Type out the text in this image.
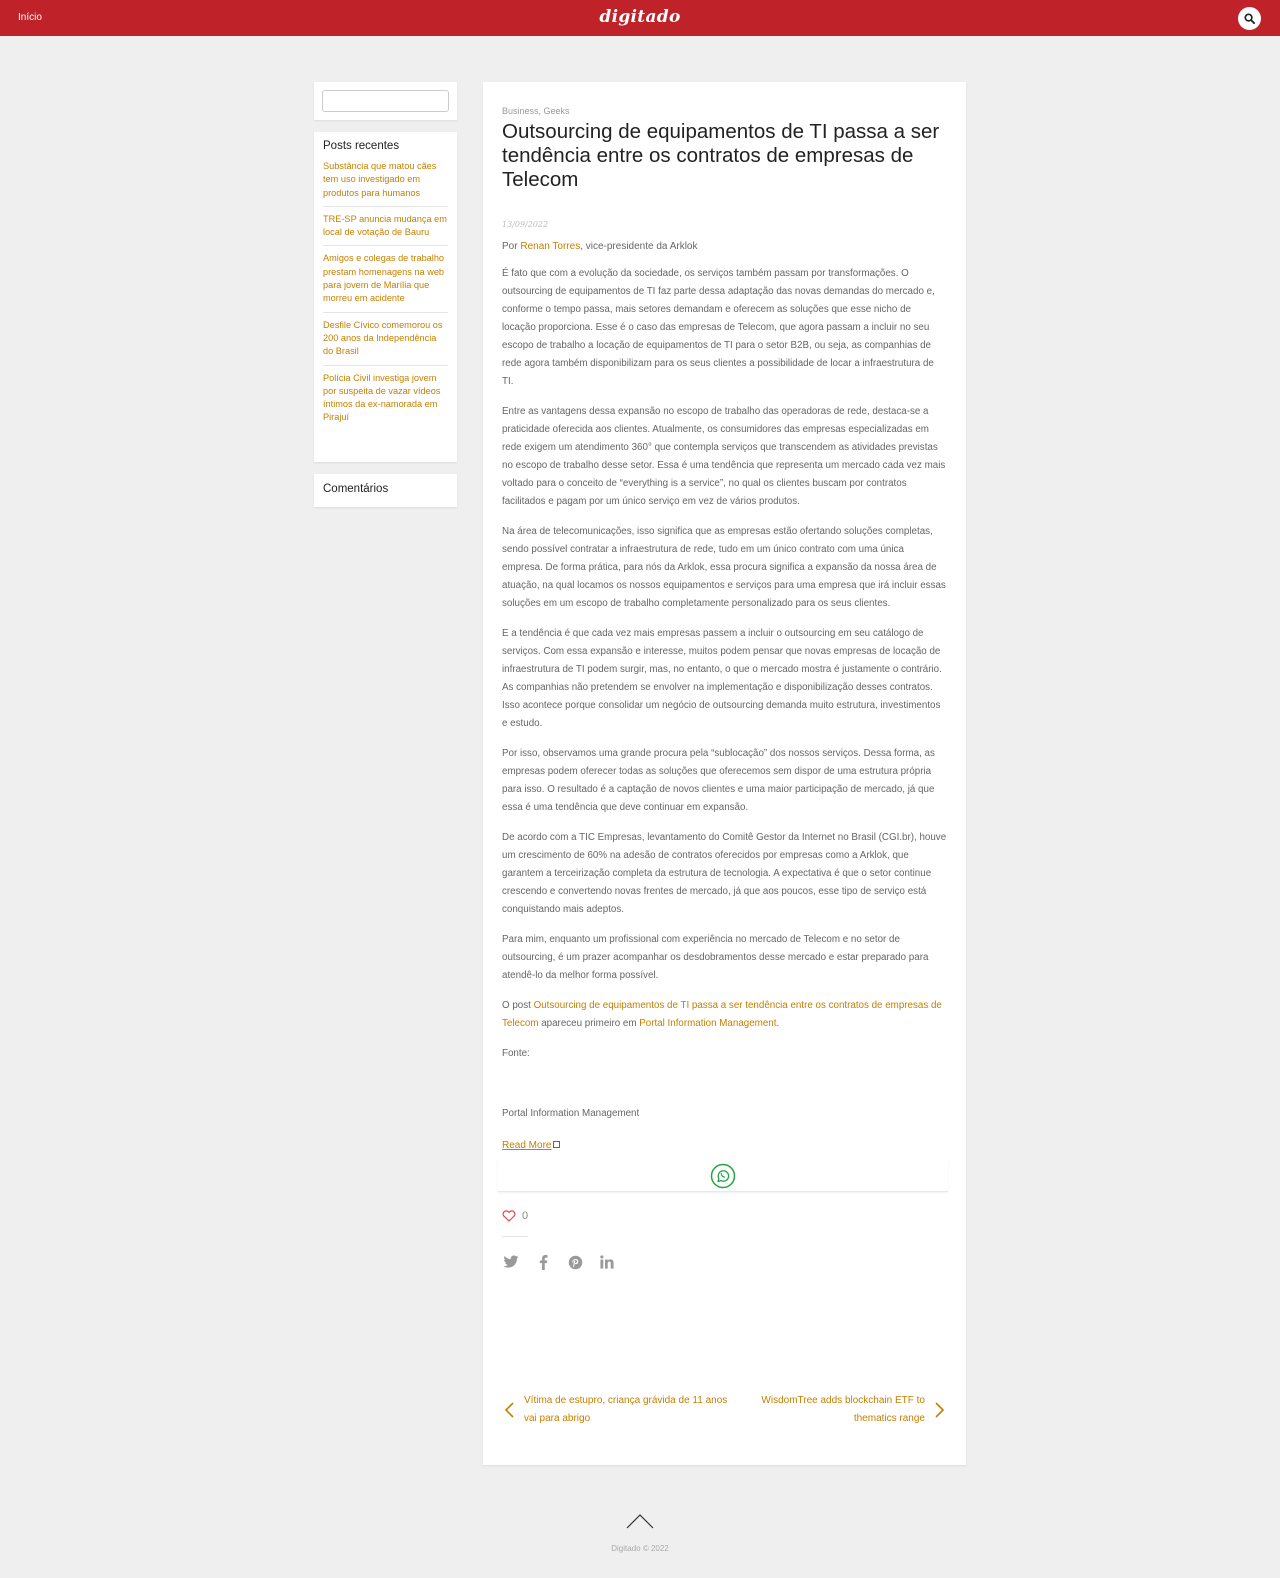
Início	digitado
Posts recentes
Substância que matou cães tem uso investigado em produtos para humanos
TRE-SP anuncia mudança em local de votação de Bauru
Amigos e colegas de trabalho prestam homenagens na web para jovem de Marília que morreu em acidente
Desfile Cívico comemorou os 200 anos da Independência do Brasil
Polícia Civil investiga jovem por suspeita de vazar vídeos íntimos da ex-namorada em Pirajuí
Comentários
Business, Geeks
Outsourcing de equipamentos de TI passa a ser tendência entre os contratos de empresas de Telecom
13/09/2022
Por Renan Torres, vice-presidente da Arklok

É fato que com a evolução da sociedade, os serviços também passam por transformações. O outsourcing de equipamentos de TI faz parte dessa adaptação das novas demandas do mercado e, conforme o tempo passa, mais setores demandam e oferecem as soluções que esse nicho de locação proporciona. Esse é o caso das empresas de Telecom, que agora passam a incluir no seu escopo de trabalho a locação de equipamentos de TI para o setor B2B, ou seja, as companhias de rede agora também disponibilizam para os seus clientes a possibilidade de locar a infraestrutura de TI.

Entre as vantagens dessa expansão no escopo de trabalho das operadoras de rede, destaca-se a praticidade oferecida aos clientes. Atualmente, os consumidores das empresas especializadas em rede exigem um atendimento 360° que contempla serviços que transcendem as atividades previstas no escopo de trabalho desse setor. Essa é uma tendência que representa um mercado cada vez mais voltado para o conceito de “everything is a service”, no qual os clientes buscam por contratos facilitados e pagam por um único serviço em vez de vários produtos.

Na área de telecomunicações, isso significa que as empresas estão ofertando soluções completas, sendo possível contratar a infraestrutura de rede, tudo em um único contrato com uma única empresa. De forma prática, para nós da Arklok, essa procura significa a expansão da nossa área de atuação, na qual locamos os nossos equipamentos e serviços para uma empresa que irá incluir essas soluções em um escopo de trabalho completamente personalizado para os seus clientes.

E a tendência é que cada vez mais empresas passem a incluir o outsourcing em seu catálogo de serviços. Com essa expansão e interesse, muitos podem pensar que novas empresas de locação de infraestrutura de TI podem surgir, mas, no entanto, o que o mercado mostra é justamente o contrário. As companhias não pretendem se envolver na implementação e disponibilização desses contratos. Isso acontece porque consolidar um negócio de outsourcing demanda muito estrutura, investimentos e estudo.

Por isso, observamos uma grande procura pela “sublocação” dos nossos serviços. Dessa forma, as empresas podem oferecer todas as soluções que oferecemos sem dispor de uma estrutura própria para isso. O resultado é a captação de novos clientes e uma maior participação de mercado, já que essa é uma tendência que deve continuar em expansão.

De acordo com a TIC Empresas, levantamento do Comitê Gestor da Internet no Brasil (CGI.br), houve um crescimento de 60% na adesão de contratos oferecidos por empresas como a Arklok, que garantem a terceirização completa da estrutura de tecnologia. A expectativa é que o setor continue crescendo e convertendo novas frentes de mercado, já que aos poucos, esse tipo de serviço está conquistando mais adeptos.

Para mim, enquanto um profissional com experiência no mercado de Telecom e no setor de outsourcing, é um prazer acompanhar os desdobramentos desse mercado e estar preparado para atendê-lo da melhor forma possível.

O post Outsourcing de equipamentos de TI passa a ser tendência entre os contratos de empresas de Telecom apareceu primeiro em Portal Information Management.

Fonte:

Portal Information Management

Read More
0
Vítima de estupro, criança grávida de 11 anos vai para abrigo
WisdomTree adds blockchain ETF to thematics range
Digitado © 2022
